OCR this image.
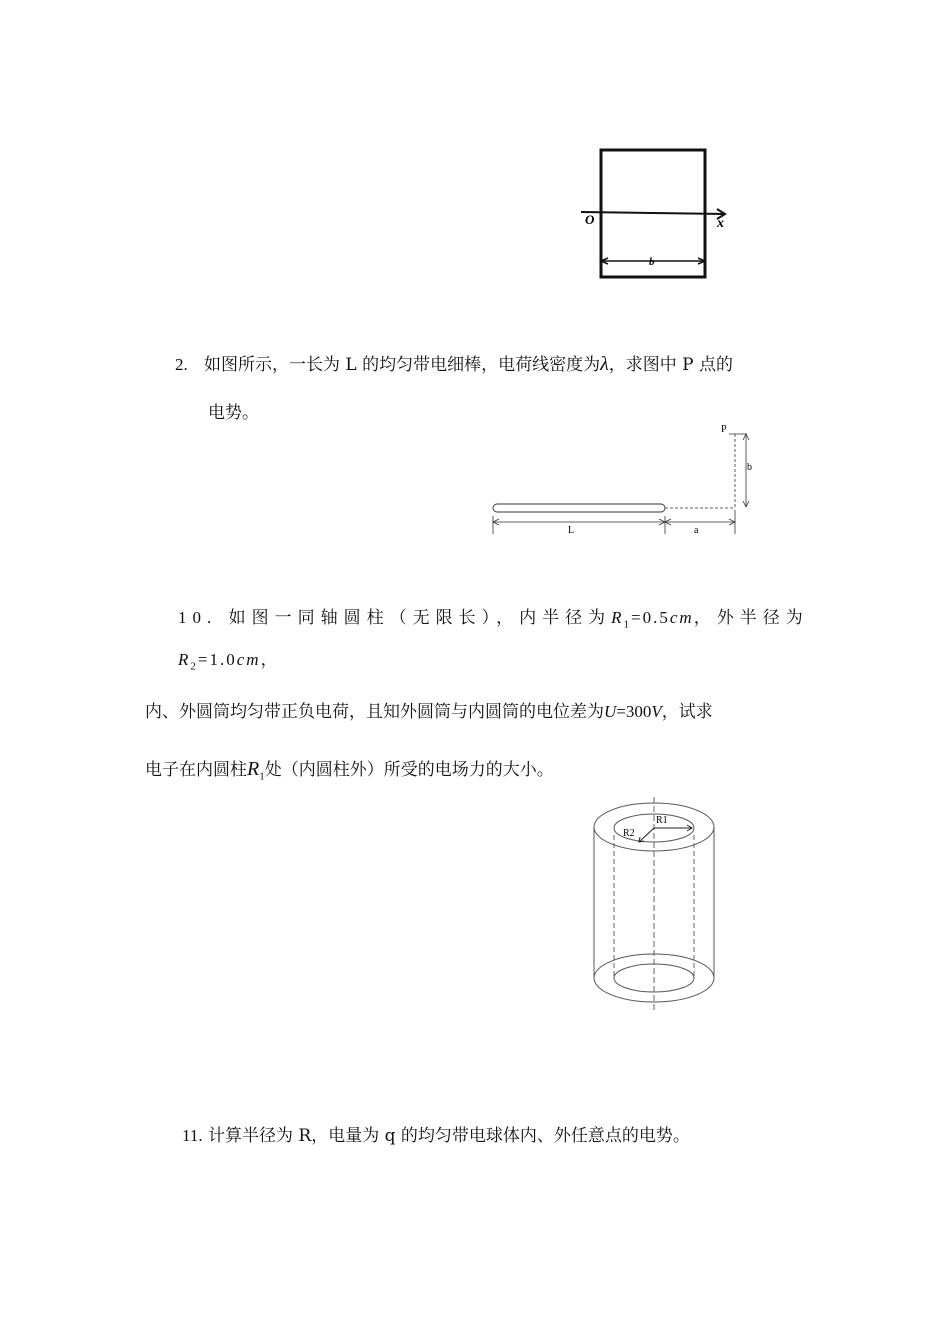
O	x
b
2. 如图所示，一长为 L 的均匀带电细棒，电荷线密度为λ，求图中 P 点的
电势。
P
b
L	a
10. 如图一同轴圆柱（无限长），内半径为$R_1=0.5cm$，外半径为
$R_2=1.0cm$，
内、外圆筒均匀带正负电荷，且知外圆筒与内圆筒的电位差为U=300V，试求
电子在内圆柱$R_1$处（内圆柱外）所受的电场力的大小。
R1
R2
11. 计算半径为 R，电量为 q 的均匀带电球体内、外任意点的电势。
